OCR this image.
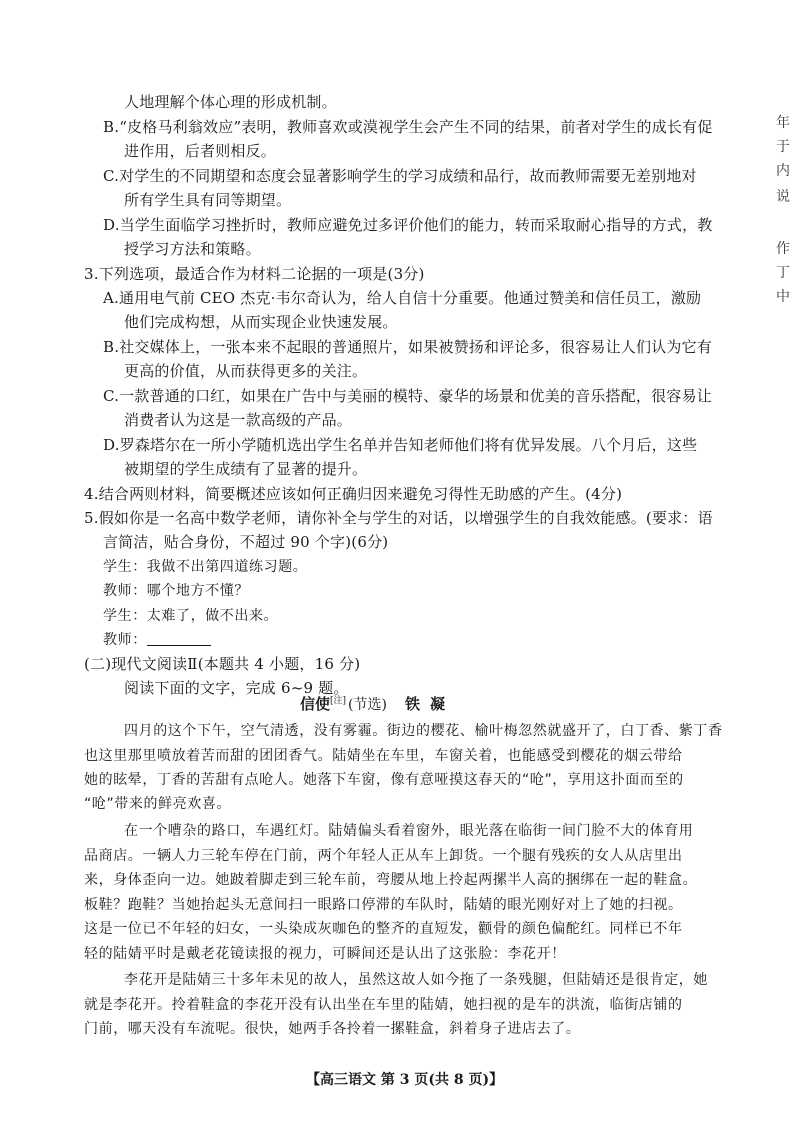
人地理解个体心理的形成机制。
B.“皮格马利翁效应”表明，教师喜欢或漠视学生会产生不同的结果，前者对学生的成长有促
进作用，后者则相反。
C.对学生的不同期望和态度会显著影响学生的学习成绩和品行，故而教师需要无差别地对
所有学生具有同等期望。
D.当学生面临学习挫折时，教师应避免过多评价他们的能力，转而采取耐心指导的方式，教
授学习方法和策略。
3.下列选项，最适合作为材料二论据的一项是(3分)
A.通用电气前 CEO 杰克·韦尔奇认为，给人自信十分重要。他通过赞美和信任员工，激励
他们完成构想，从而实现企业快速发展。
B.社交媒体上，一张本来不起眼的普通照片，如果被赞扬和评论多，很容易让人们认为它有
更高的价值，从而获得更多的关注。
C.一款普通的口红，如果在广告中与美丽的模特、豪华的场景和优美的音乐搭配，很容易让
消费者认为这是一款高级的产品。
D.罗森塔尔在一所小学随机选出学生名单并告知老师他们将有优异发展。八个月后，这些
被期望的学生成绩有了显著的提升。
4.结合两则材料，简要概述应该如何正确归因来避免习得性无助感的产生。(4分)
5.假如你是一名高中数学老师，请你补全与学生的对话，以增强学生的自我效能感。(要求：语
言简洁，贴合身份，不超过 90 个字)(6分)
学生：我做不出第四道练习题。
教师：哪个地方不懂？
学生：太难了，做不出来。
教师：
(二)现代文阅读Ⅱ(本题共 4 小题，16 分)
阅读下面的文字，完成 6~9 题。
信使[注] (节选) 铁凝
四月的这个下午，空气清透，没有雾霾。街边的樱花、榆叶梅忽然就盛开了，白丁香、紫丁香
也这里那里喷放着苦而甜的团团香气。陆婧坐在车里，车窗关着，也能感受到樱花的烟云带给
她的眩晕，丁香的苦甜有点呛人。她落下车窗，像有意哑摸这春天的“呛”，享用这扑面而至的
“呛”带来的鲜亮欢喜。
在一个嘈杂的路口，车遇红灯。陆婧偏头看着窗外，眼光落在临街一间门脸不大的体育用
品商店。一辆人力三轮车停在门前，两个年轻人正从车上卸货。一个腿有残疾的女人从店里出
来，身体歪向一边。她跛着脚走到三轮车前，弯腰从地上拎起两摞半人高的捆绑在一起的鞋盒。
板鞋？跑鞋？当她抬起头无意间扫一眼路口停滞的车队时，陆婧的眼光刚好对上了她的扫视。
这是一位已不年轻的妇女，一头染成灰咖色的整齐的直短发，颧骨的颜色偏酡红。同样已不年
轻的陆婧平时是戴老花镜读报的视力，可瞬间还是认出了这张脸：李花开！
李花开是陆婧三十多年未见的故人，虽然这故人如今拖了一条残腿，但陆婧还是很肯定，她
就是李花开。拎着鞋盒的李花开没有认出坐在车里的陆婧，她扫视的是车的洪流，临街店铺的
门前，哪天没有车流呢。很快，她两手各拎着一摞鞋盒，斜着身子进店去了。
【高三语文 第 3 页(共 8 页)】
年
于
内
说
作
丁
中
